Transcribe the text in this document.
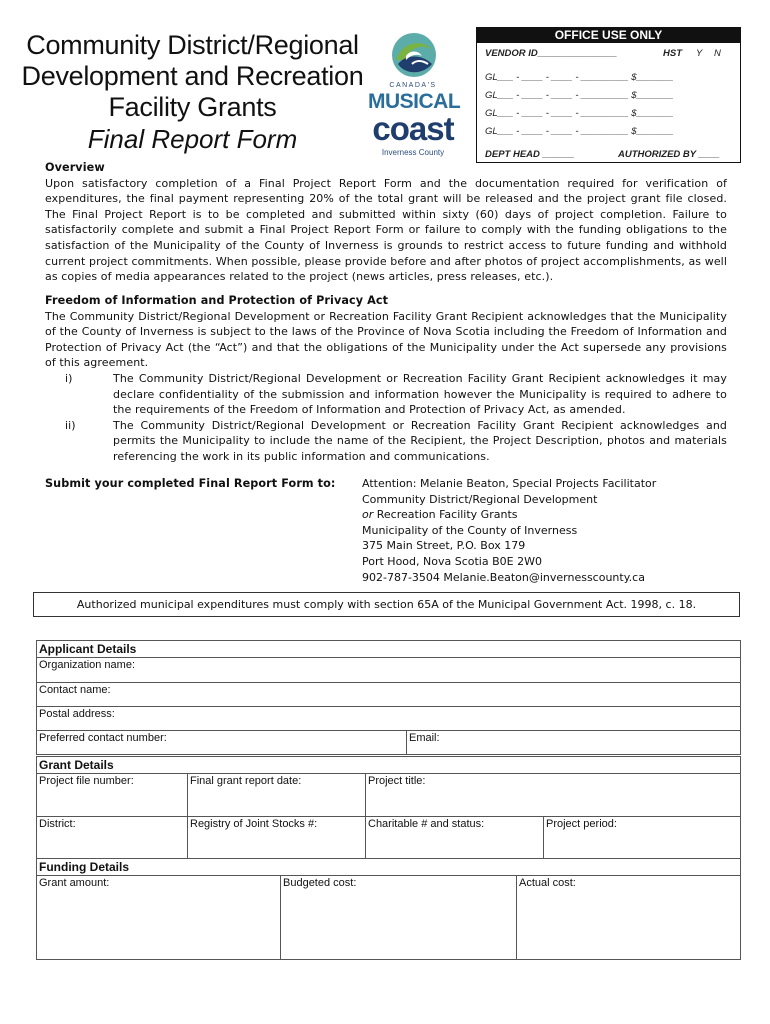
Community District/Regional
Development and Recreation
Facility Grants
Final Report Form
CANADA'S
MUSICAL
coast
Inverness County
OFFICE USE ONLY
VENDOR ID_______________	HST Y N
GL___ - ____ - ____ - _________ $_______
GL___ - ____ - ____ - _________ $_______
GL___ - ____ - ____ - _________ $_______
GL___ - ____ - ____ - _________ $_______
DEPT HEAD ______	AUTHORIZED BY ____
Overview
Upon satisfactory completion of a Final Project Report Form and the documentation required for verification of expenditures, the final payment representing 20% of the total grant will be released and the project grant file closed. The Final Project Report is to be completed and submitted within sixty (60) days of project completion. Failure to satisfactorily complete and submit a Final Project Report Form or failure to comply with the funding obligations to the satisfaction of the Municipality of the County of Inverness is grounds to restrict access to future funding and withhold current project commitments. When possible, please provide before and after photos of project accomplishments, as well as copies of media appearances related to the project (news articles, press releases, etc.).
Freedom of Information and Protection of Privacy Act
The Community District/Regional Development or Recreation Facility Grant Recipient acknowledges that the Municipality of the County of Inverness is subject to the laws of the Province of Nova Scotia including the Freedom of Information and Protection of Privacy Act (the “Act”) and that the obligations of the Municipality under the Act supersede any provisions of this agreement.
i)	The Community District/Regional Development or Recreation Facility Grant Recipient acknowledges it may declare confidentiality of the submission and information however the Municipality is required to adhere to the requirements of the Freedom of Information and Protection of Privacy Act, as amended.
ii)	The Community District/Regional Development or Recreation Facility Grant Recipient acknowledges and permits the Municipality to include the name of the Recipient, the Project Description, photos and materials referencing the work in its public information and communications.
Submit your completed Final Report Form to: Attention: Melanie Beaton, Special Projects Facilitator
Community District/Regional Development
or Recreation Facility Grants
Municipality of the County of Inverness
375 Main Street, P.O. Box 179
Port Hood, Nova Scotia B0E 2W0
902-787-3504 Melanie.Beaton@invernesscounty.ca
Authorized municipal expenditures must comply with section 65A of the Municipal Government Act. 1998, c. 18.
Applicant Details
Organization name:
Contact name:
Postal address:
Preferred contact number:	Email:
Grant Details			
Project file number:	Final grant report date:	Project title:	
District:	Registry of Joint Stocks #:	Charitable # and status:	Project period:
Funding Details
Grant amount:	Budgeted cost:	Actual cost:
